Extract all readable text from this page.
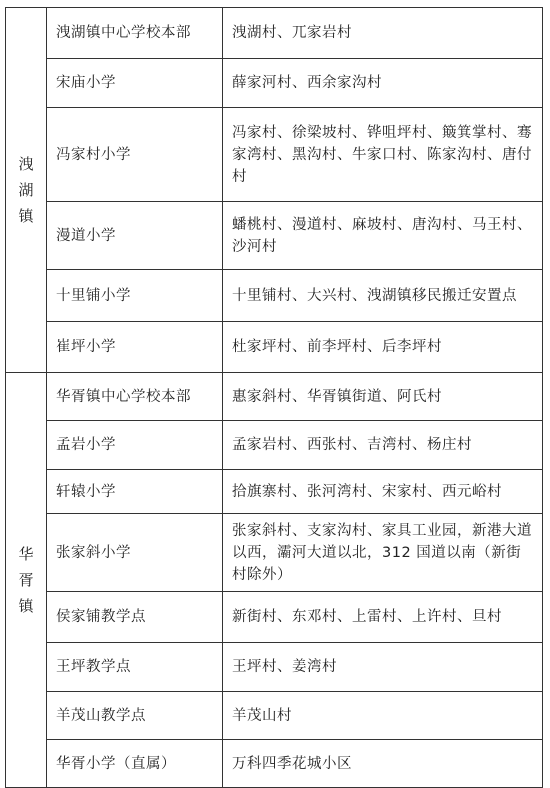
洩湖镇	洩湖镇中心学校本部	洩湖村、兀家岩村
	宋庙小学	薛家河村、西余家沟村
	冯家村小学	冯家村、徐梁坡村、铧咀坪村、簸箕掌村、骞家湾村、黑沟村、牛家口村、陈家沟村、唐付村
	漫道小学	蟠桃村、漫道村、麻坡村、唐沟村、马王村、沙河村
	十里铺小学	十里铺村、大兴村、洩湖镇移民搬迁安置点
	崔坪小学	杜家坪村、前李坪村、后李坪村
华胥镇	华胥镇中心学校本部	惠家斜村、华胥镇街道、阿氏村
	孟岩小学	孟家岩村、西张村、吉湾村、杨庄村
	轩辕小学	拾旗寨村、张河湾村、宋家村、西元峪村
	张家斜小学	张家斜村、支家沟村、家具工业园，新港大道以西，灞河大道以北，312 国道以南（新街村除外）
	侯家铺教学点	新街村、东邓村、上雷村、上许村、旦村
	王坪教学点	王坪村、姜湾村
	羊茂山教学点	羊茂山村
	华胥小学（直属）	万科四季花城小区
